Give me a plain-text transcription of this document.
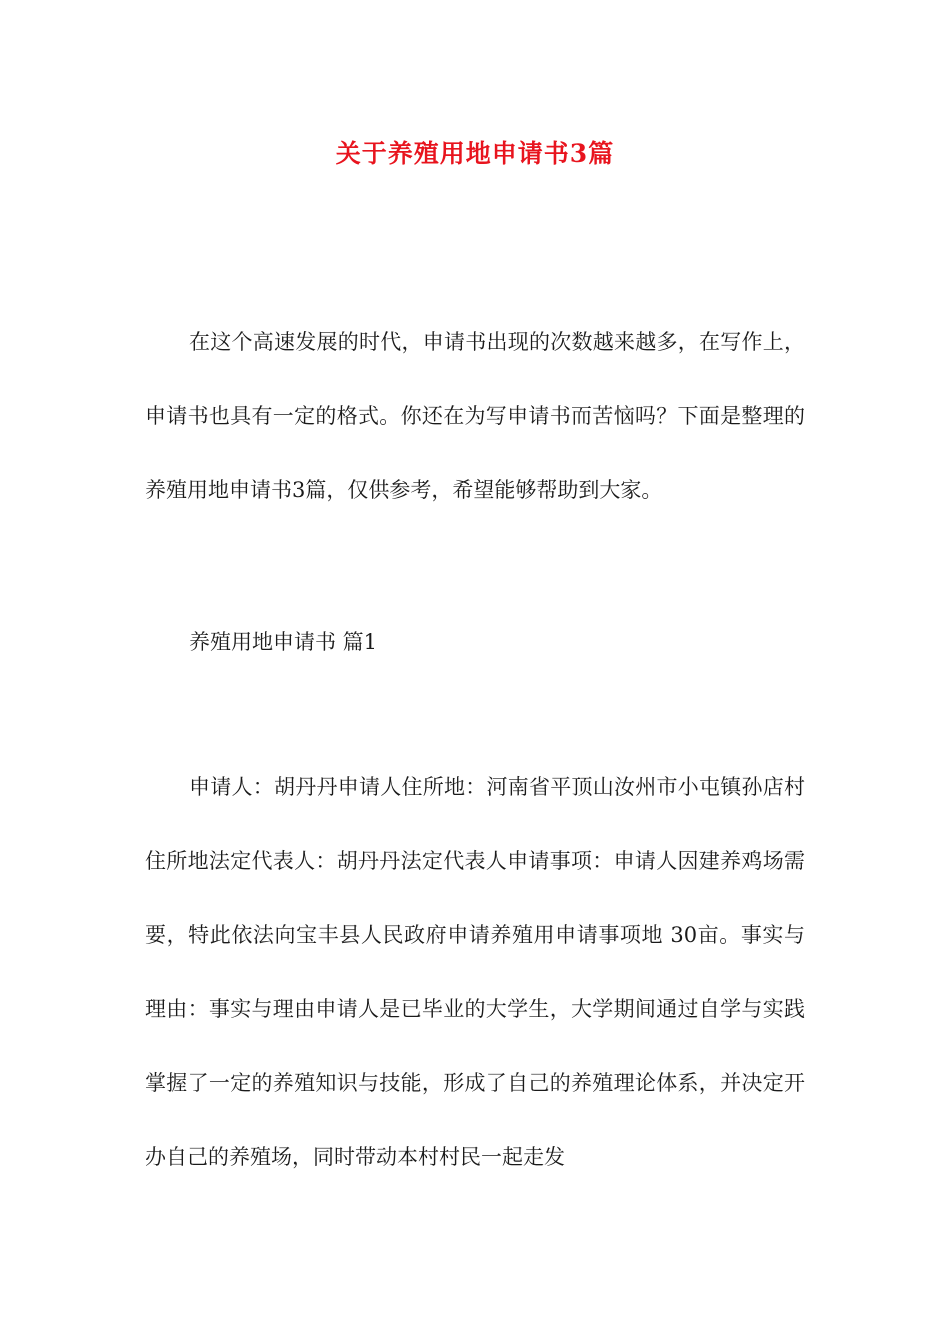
关于养殖用地申请书3篇

在这个高速发展的时代，申请书出现的次数越来越多，在写作上，申请书也具有一定的格式。你还在为写申请书而苦恼吗？下面是整理的养殖用地申请书3篇，仅供参考，希望能够帮助到大家。

养殖用地申请书 篇1

申请人：胡丹丹申请人住所地：河南省平顶山汝州市小屯镇孙店村住所地法定代表人：胡丹丹法定代表人申请事项：申请人因建养鸡场需要，特此依法向宝丰县人民政府申请养殖用申请事项地 30亩。事实与理由：事实与理由申请人是已毕业的大学生，大学期间通过自学与实践掌握了一定的养殖知识与技能，形成了自己的养殖理论体系，并决定开办自己的养殖场，同时带动本村村民一起走发
